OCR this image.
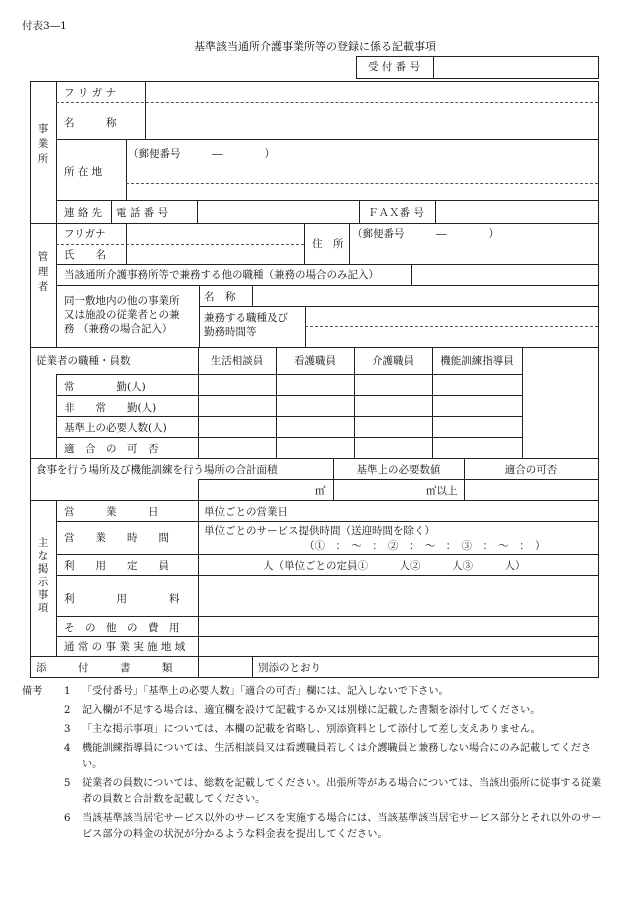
付表3―1
基準該当通所介護事業所等の登録に係る記載事項
受 付 番 号
事
業
所
フ リ ガ ナ
名　　　称
所 在 地
（郵便番号　　　―　　　　）
連 絡 先 電 話 番 号	ＦＡＸ番 号
管
理
者
フリガナ
氏　　名
住　所
（郵便番号　　　―　　　　）
当該通所介護事務所等で兼務する他の職種（兼務の場合のみ記入）
同一敷地内の他の事業所
又は施設の従業者との兼
務 （兼務の場合記入）
名　称
兼務する職種及び
勤務時間等
従業者の職種・員数	生活相談員	看護職員	介護職員	機能訓練指導員
常　　　　勤(人)
非　　常　　勤(人)
基準上の必要人数(人)
適　合　の　可　否
食事を行う場所及び機能訓練を行う場所の合計面積	基準上の必要数値	適合の可否
㎡	㎡以上
主
な
掲
示
事
項
営　　　業　　　日	単位ごとの営業日
営　　業　　時　　間
単位ごとのサービス提供時間（送迎時間を除く）
（①　：　～　：　②　：　～　：　③　：　～　：　）
利　　用　　定　　員	人（単位ごとの定員①　　　人②　　　人③　　　人）
利　　　　用　　　　料
そ　の　他　の　費　用
通 常 の 事 業 実 施 地 域
添　　　付　　　書　　　類	別添のとおり
備考 1	「受付番号」「基準上の必要人数」「適合の可否」欄には、記入しないで下さい。
2	記入欄が不足する場合は、適宜欄を設けて記載するか又は別様に記載した書類を添付してください。
3	「主な掲示事項」については、本欄の記載を省略し、別添資料として添付して差し支えありません。
4	機能訓練指導員については、生活相談員又は看護職員若しくは介護職員と兼務しない場合にのみ記載してください。
5	従業者の員数については、総数を記載してください。出張所等がある場合については、当該出張所に従事する従業者の員数と合計数を記載してください。
6	当該基準該当居宅サービス以外のサービスを実施する場合には、当該基準該当居宅サービス部分とそれ以外のサービス部分の料金の状況が分かるような料金表を提出してください。
